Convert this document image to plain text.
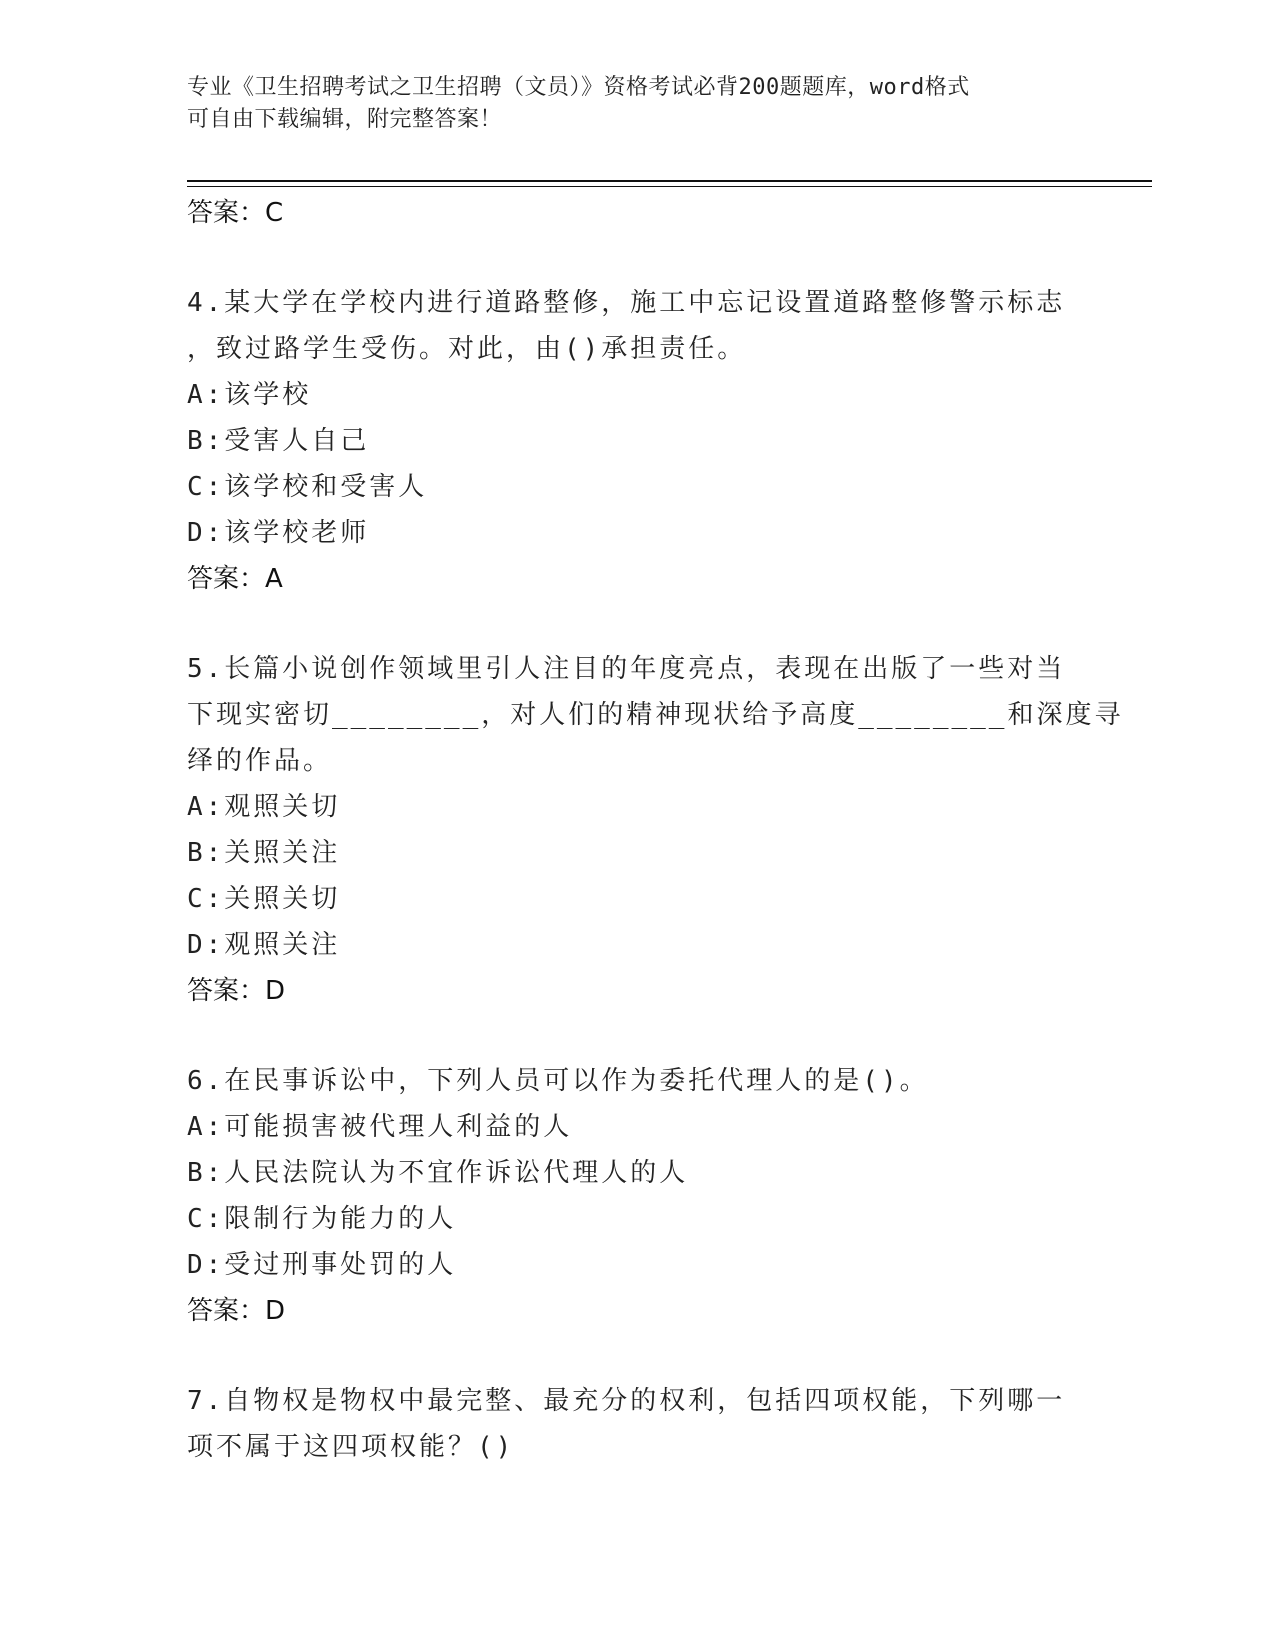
专业《卫生招聘考试之卫生招聘（文员）》资格考试必背200题题库，word格式
可自由下载编辑，附完整答案！
答案：C
4.某大学在学校内进行道路整修，施工中忘记设置道路整修警示标志
，致过路学生受伤。对此，由()承担责任。
A:该学校
B:受害人自己
C:该学校和受害人
D:该学校老师
答案：A
5.长篇小说创作领域里引人注目的年度亮点，表现在出版了一些对当
下现实密切________，对人们的精神现状给予高度________和深度寻
绎的作品。
A:观照关切
B:关照关注
C:关照关切
D:观照关注
答案：D
6.在民事诉讼中，下列人员可以作为委托代理人的是()。
A:可能损害被代理人利益的人
B:人民法院认为不宜作诉讼代理人的人
C:限制行为能力的人
D:受过刑事处罚的人
答案：D
7.自物权是物权中最完整、最充分的权利，包括四项权能，下列哪一
项不属于这四项权能？()
